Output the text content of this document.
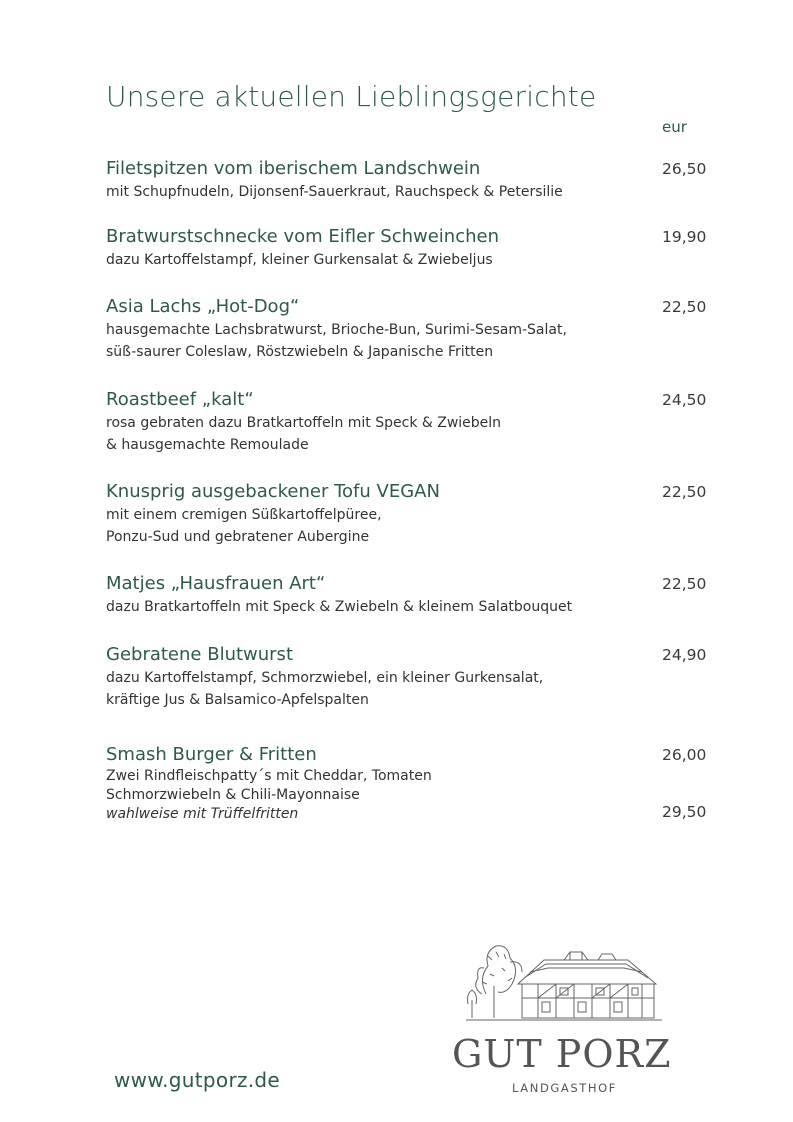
Unsere aktuellen Lieblingsgerichte
eur
Filetspitzen vom iberischem Landschwein
mit Schupfnudeln, Dijonsenf-Sauerkraut, Rauchspeck & Petersilie
26,50
Bratwurstschnecke vom Eifler Schweinchen
dazu Kartoffelstampf, kleiner Gurkensalat & Zwiebeljus
19,90
Asia Lachs „Hot-Dog“
hausgemachte Lachsbratwurst, Brioche-Bun, Surimi-Sesam-Salat,
süß-saurer Coleslaw, Röstzwiebeln & Japanische Fritten
22,50
Roastbeef „kalt“
rosa gebraten dazu Bratkartoffeln mit Speck & Zwiebeln
& hausgemachte Remoulade
24,50
Knusprig ausgebackener Tofu VEGAN
mit einem cremigen Süßkartoffelpüree,
Ponzu-Sud und gebratener Aubergine
22,50
Matjes „Hausfrauen Art“
dazu Bratkartoffeln mit Speck & Zwiebeln & kleinem Salatbouquet
22,50
Gebratene Blutwurst
dazu Kartoffelstampf, Schmorzwiebel, ein kleiner Gurkensalat,
kräftige Jus & Balsamico-Apfelspalten
24,90
Smash Burger & Fritten
Zwei Rindfleischpatty´s mit Cheddar, Tomaten
Schmorzwiebeln & Chili-Mayonnaise
wahlweise mit Trüffelfritten
26,00
29,50
www.gutporz.de
GUT PORZ
LANDGASTHOF
